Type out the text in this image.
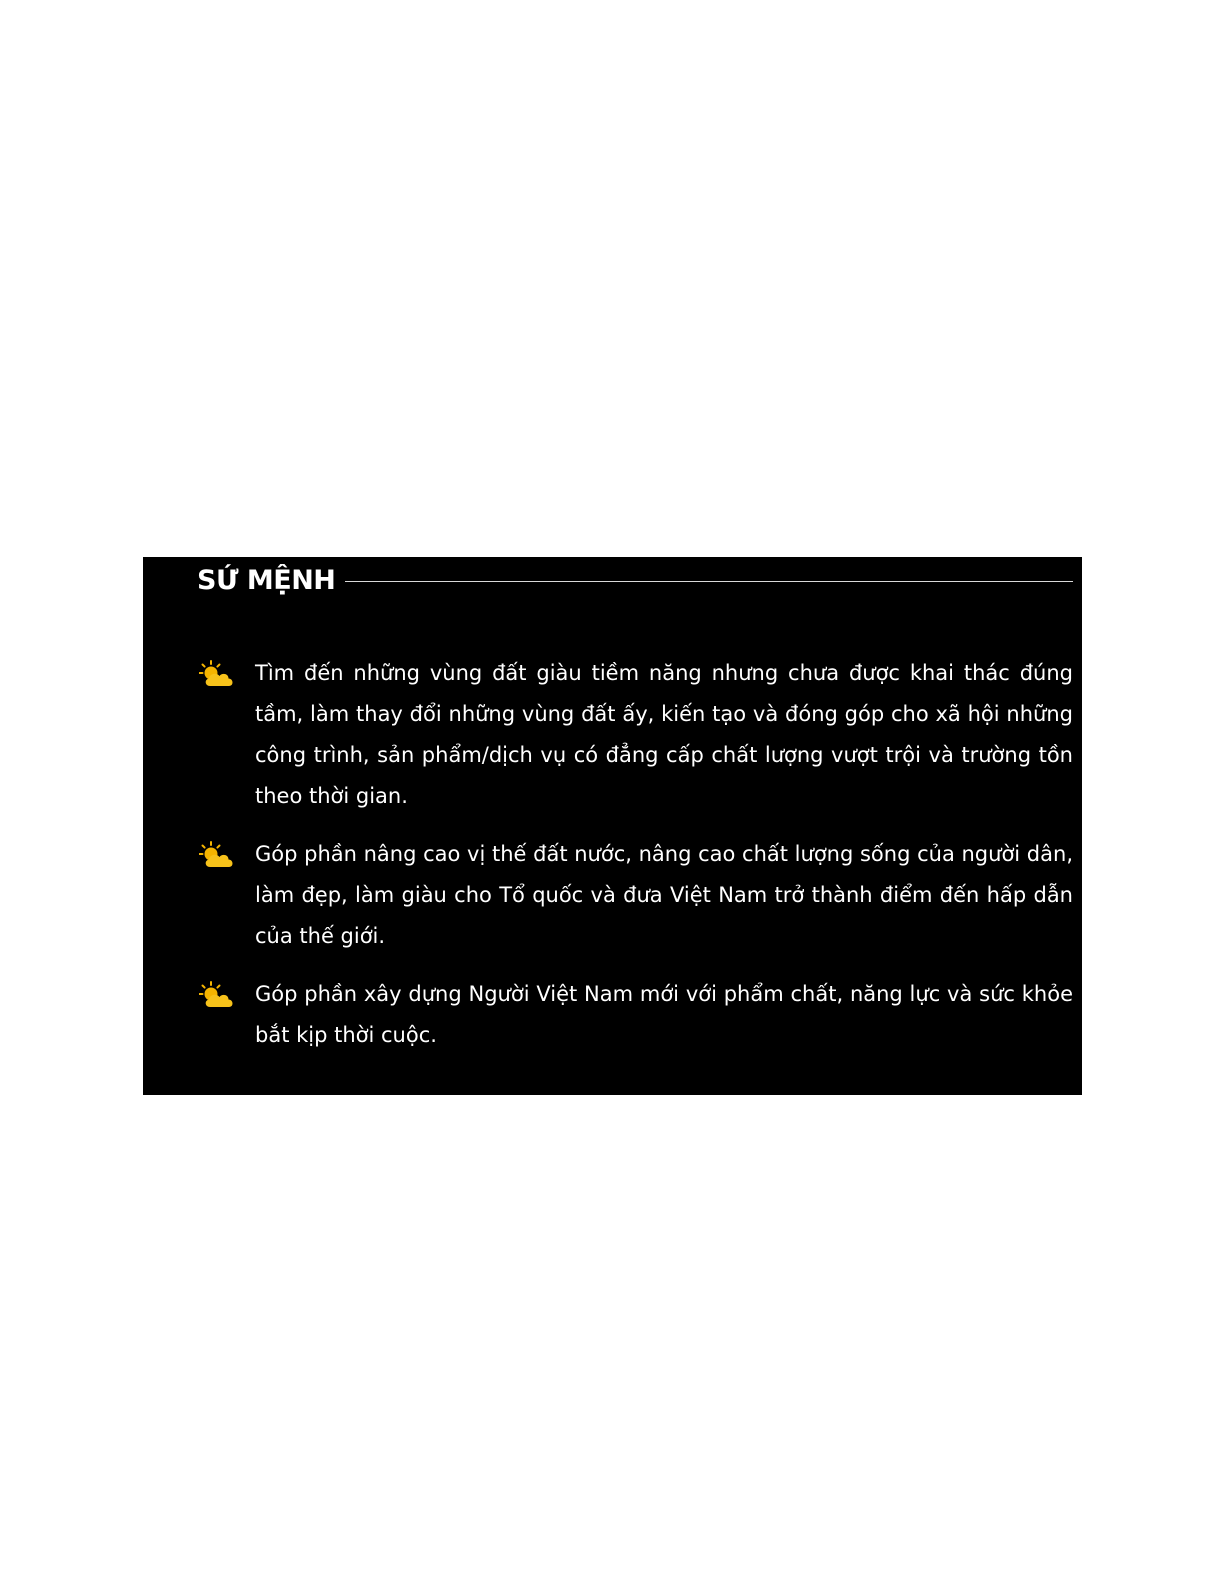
SỨ MỆNH
Tìm đến những vùng đất giàu tiềm năng nhưng chưa được khai thác đúng tầm, làm thay đổi những vùng đất ấy, kiến tạo và đóng góp cho xã hội những công trình, sản phẩm/dịch vụ có đẳng cấp chất lượng vượt trội và trường tồn theo thời gian.
Góp phần nâng cao vị thế đất nước, nâng cao chất lượng sống của người dân, làm đẹp, làm giàu cho Tổ quốc và đưa Việt Nam trở thành điểm đến hấp dẫn của thế giới.
Góp phần xây dựng Người Việt Nam mới với phẩm chất, năng lực và sức khỏe bắt kịp thời cuộc.
